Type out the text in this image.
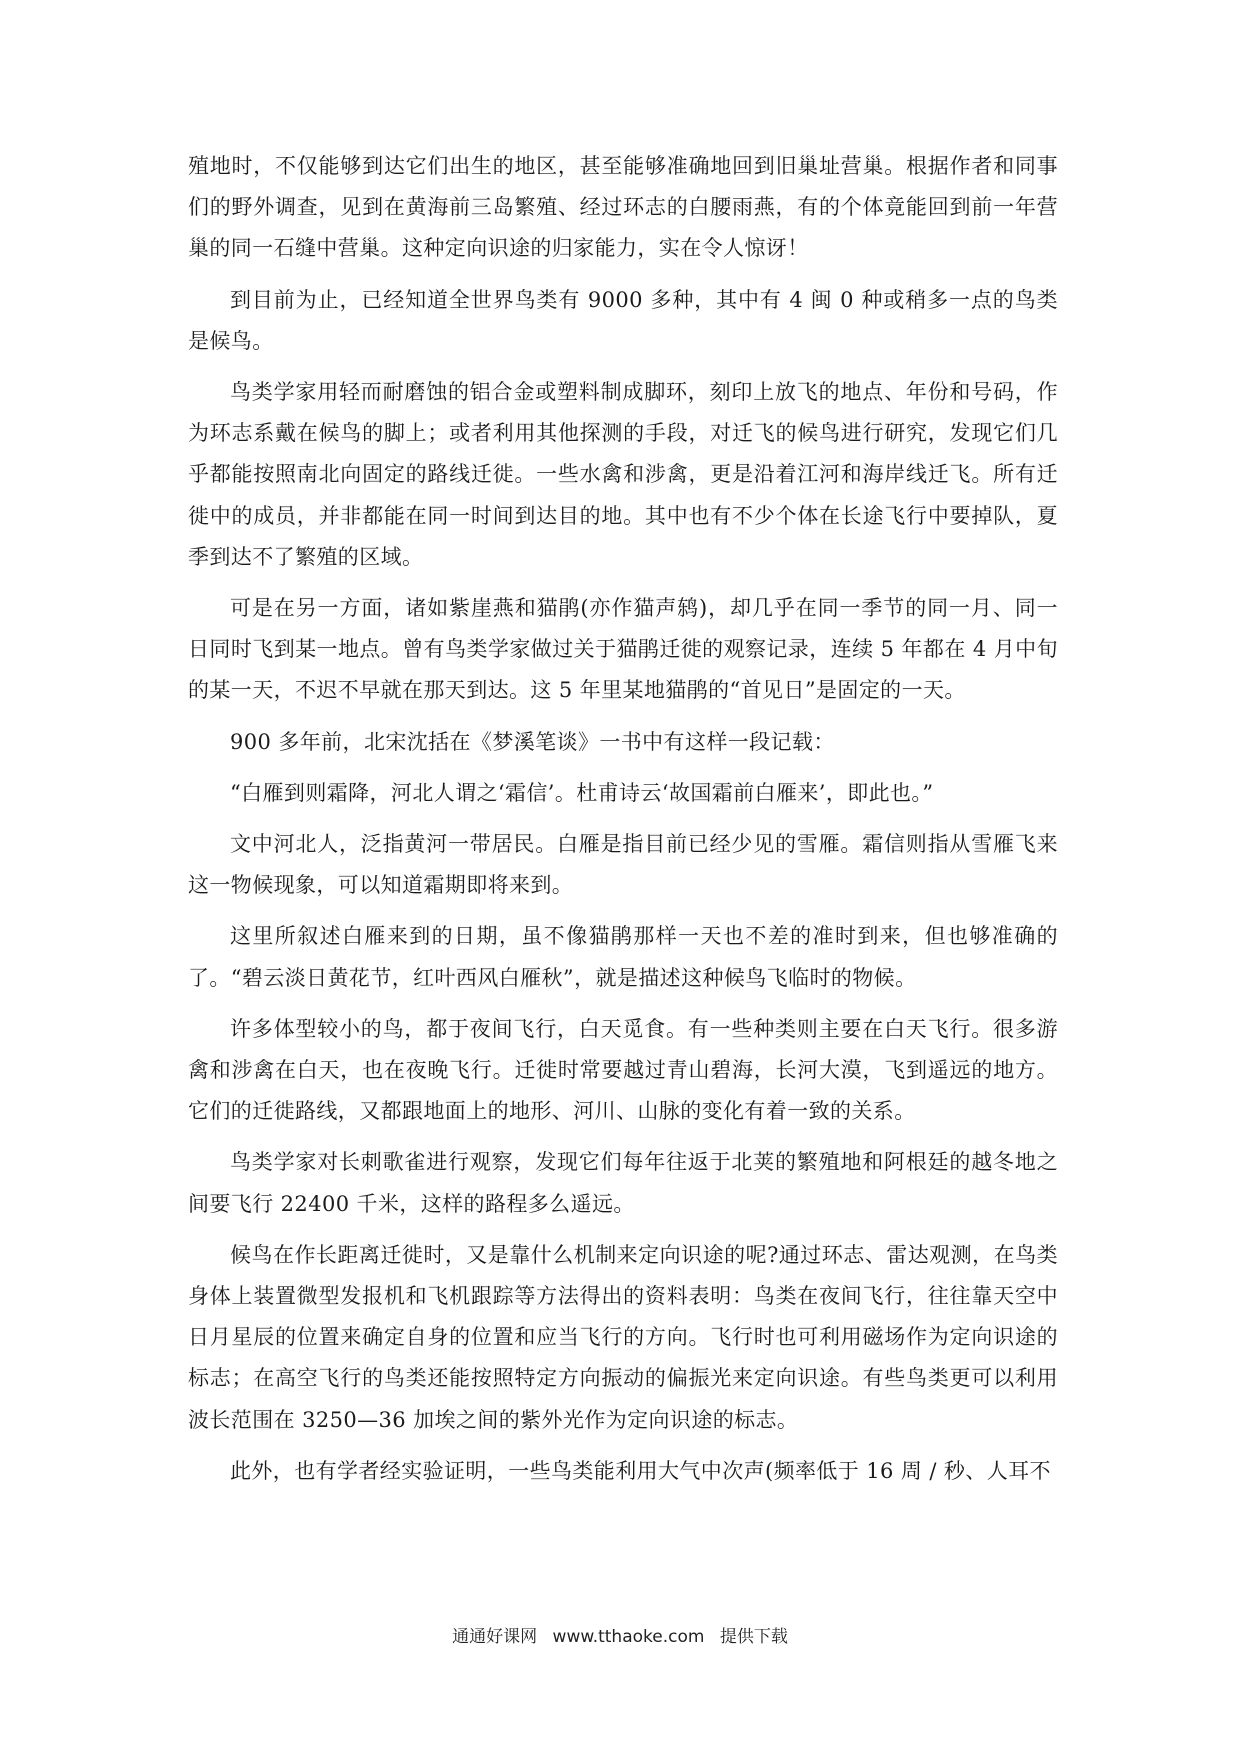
殖地时，不仅能够到达它们出生的地区，甚至能够准确地回到旧巢址营巢。根据作者和同事们的野外调查，见到在黄海前三岛繁殖、经过环志的白腰雨燕，有的个体竟能回到前一年营巢的同一石缝中营巢。这种定向识途的归家能力，实在令人惊讶！

到目前为止，已经知道全世界鸟类有 9000 多种，其中有 4 闽 0 种或稍多一点的鸟类是候鸟。

鸟类学家用轻而耐磨蚀的铝合金或塑料制成脚环，刻印上放飞的地点、年份和号码，作为环志系戴在候鸟的脚上；或者利用其他探测的手段，对迁飞的候鸟进行研究，发现它们几乎都能按照南北向固定的路线迁徙。一些水禽和涉禽，更是沿着江河和海岸线迁飞。所有迁徙中的成员，并非都能在同一时间到达目的地。其中也有不少个体在长途飞行中要掉队，夏季到达不了繁殖的区域。

可是在另一方面，诸如紫崖燕和猫鹃(亦作猫声鸫)，却几乎在同一季节的同一月、同一日同时飞到某一地点。曾有鸟类学家做过关于猫鹃迁徙的观察记录，连续 5 年都在 4 月中旬的某一天，不迟不早就在那天到达。这 5 年里某地猫鹃的“首见日”是固定的一天。

900 多年前，北宋沈括在《梦溪笔谈》一书中有这样一段记载：

“白雁到则霜降，河北人谓之‘霜信’。杜甫诗云‘故国霜前白雁来’，即此也。”

文中河北人，泛指黄河一带居民。白雁是指目前已经少见的雪雁。霜信则指从雪雁飞来这一物候现象，可以知道霜期即将来到。

这里所叙述白雁来到的日期，虽不像猫鹃那样一天也不差的准时到来，但也够准确的了。“碧云淡日黄花节，红叶西风白雁秋”，就是描述这种候鸟飞临时的物候。

许多体型较小的鸟，都于夜间飞行，白天觅食。有一些种类则主要在白天飞行。很多游禽和涉禽在白天，也在夜晚飞行。迁徙时常要越过青山碧海，长河大漠，飞到遥远的地方。它们的迁徙路线，又都跟地面上的地形、河川、山脉的变化有着一致的关系。

鸟类学家对长刺歌雀进行观察，发现它们每年往返于北荚的繁殖地和阿根廷的越冬地之间要飞行 22400 千米，这样的路程多么遥远。

候鸟在作长距离迁徙时，又是靠什么机制来定向识途的呢?通过环志、雷达观测，在鸟类身体上装置微型发报机和飞机跟踪等方法得出的资料表明：鸟类在夜间飞行，往往靠天空中日月星辰的位置来确定自身的位置和应当飞行的方向。飞行时也可利用磁场作为定向识途的标志；在高空飞行的鸟类还能按照特定方向振动的偏振光来定向识途。有些鸟类更可以利用波长范围在 3250—36 加埃之间的紫外光作为定向识途的标志。

此外，也有学者经实验证明，一些鸟类能利用大气中次声(频率低于 16 周 / 秒、人耳不

通通好课网 www.tthaoke.com 提供下载
